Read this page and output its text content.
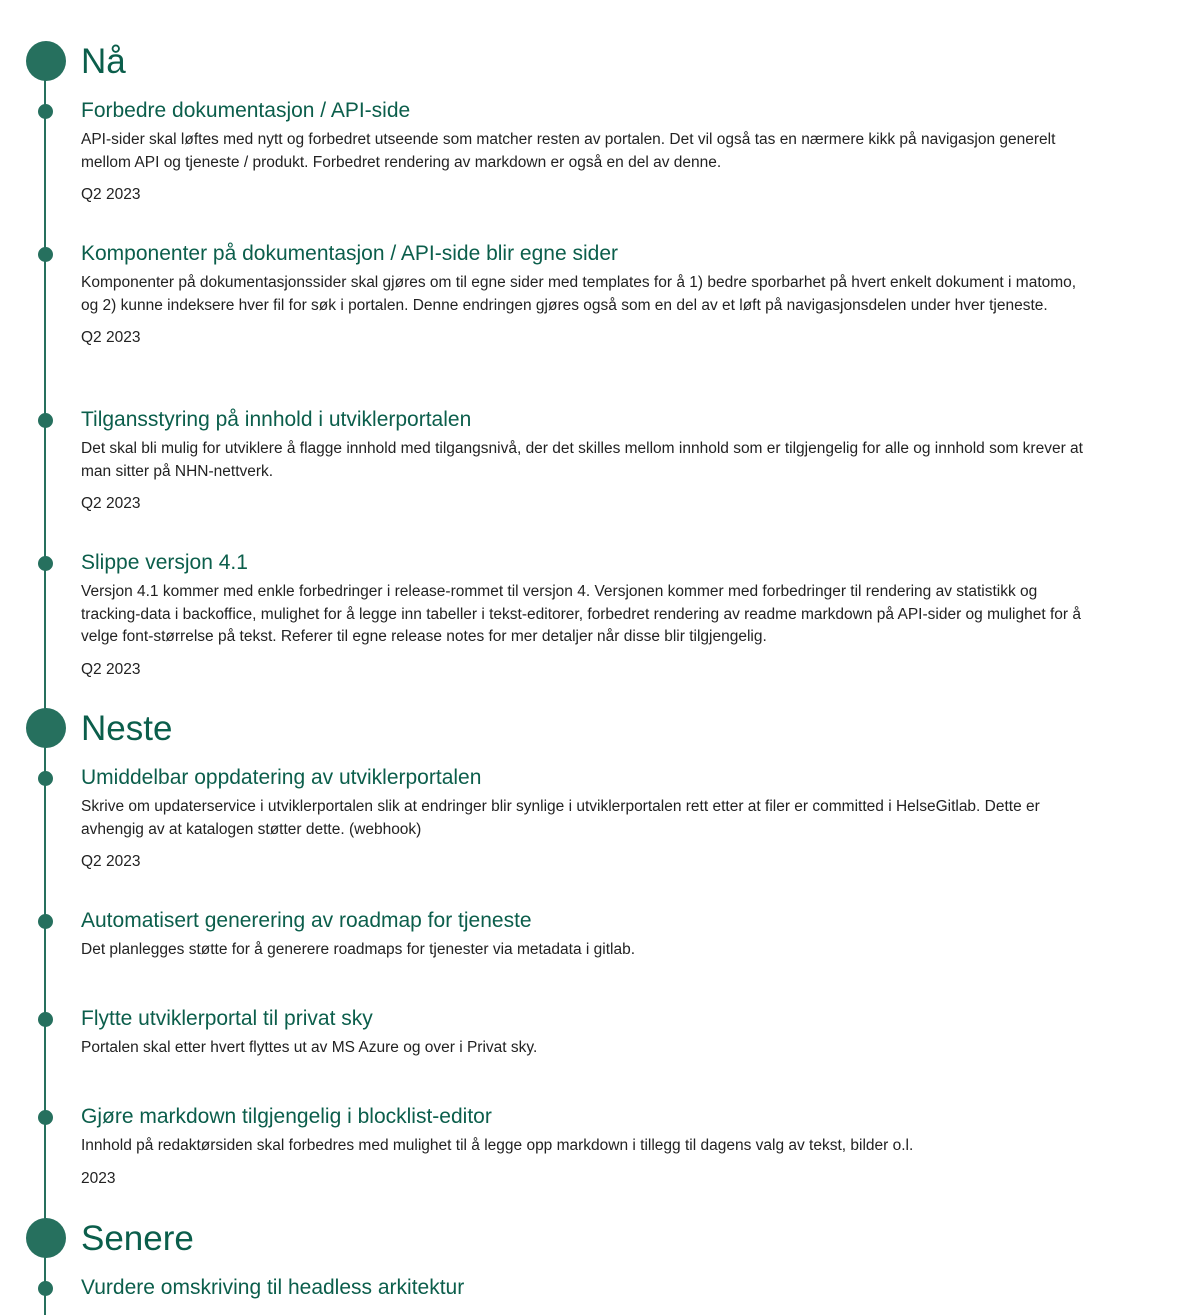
Nå
Forbedre dokumentasjon / API-side

API-sider skal løftes med nytt og forbedret utseende som matcher resten av portalen. Det vil også tas en nærmere kikk på navigasjon generelt mellom API og tjeneste / produkt. Forbedret rendering av markdown er også en del av denne.

Q2 2023
Komponenter på dokumentasjon / API-side blir egne sider

Komponenter på dokumentasjonssider skal gjøres om til egne sider med templates for å 1) bedre sporbarhet på hvert enkelt dokument i matomo, og 2) kunne indeksere hver fil for søk i portalen. Denne endringen gjøres også som en del av et løft på navigasjonsdelen under hver tjeneste.

Q2 2023
Tilgansstyring på innhold i utviklerportalen

Det skal bli mulig for utviklere å flagge innhold med tilgangsnivå, der det skilles mellom innhold som er tilgjengelig for alle og innhold som krever at man sitter på NHN-nettverk.

Q2 2023
Slippe versjon 4.1

Versjon 4.1 kommer med enkle forbedringer i release-rommet til versjon 4. Versjonen kommer med forbedringer til rendering av statistikk og tracking-data i backoffice, mulighet for å legge inn tabeller i tekst-editorer, forbedret rendering av readme markdown på API-sider og mulighet for å velge font-størrelse på tekst. Referer til egne release notes for mer detaljer når disse blir tilgjengelig.

Q2 2023
Neste
Umiddelbar oppdatering av utviklerportalen

Skrive om updaterservice i utviklerportalen slik at endringer blir synlige i utviklerportalen rett etter at filer er committed i HelseGitlab. Dette er avhengig av at katalogen støtter dette. (webhook)

Q2 2023
Automatisert generering av roadmap for tjeneste

Det planlegges støtte for å generere roadmaps for tjenester via metadata i gitlab.

Flytte utviklerportal til privat sky

Portalen skal etter hvert flyttes ut av MS Azure og over i Privat sky.

Gjøre markdown tilgjengelig i blocklist-editor

Innhold på redaktørsiden skal forbedres med mulighet til å legge opp markdown i tillegg til dagens valg av tekst, bilder o.l.

2023
Senere
Vurdere omskriving til headless arkitektur
